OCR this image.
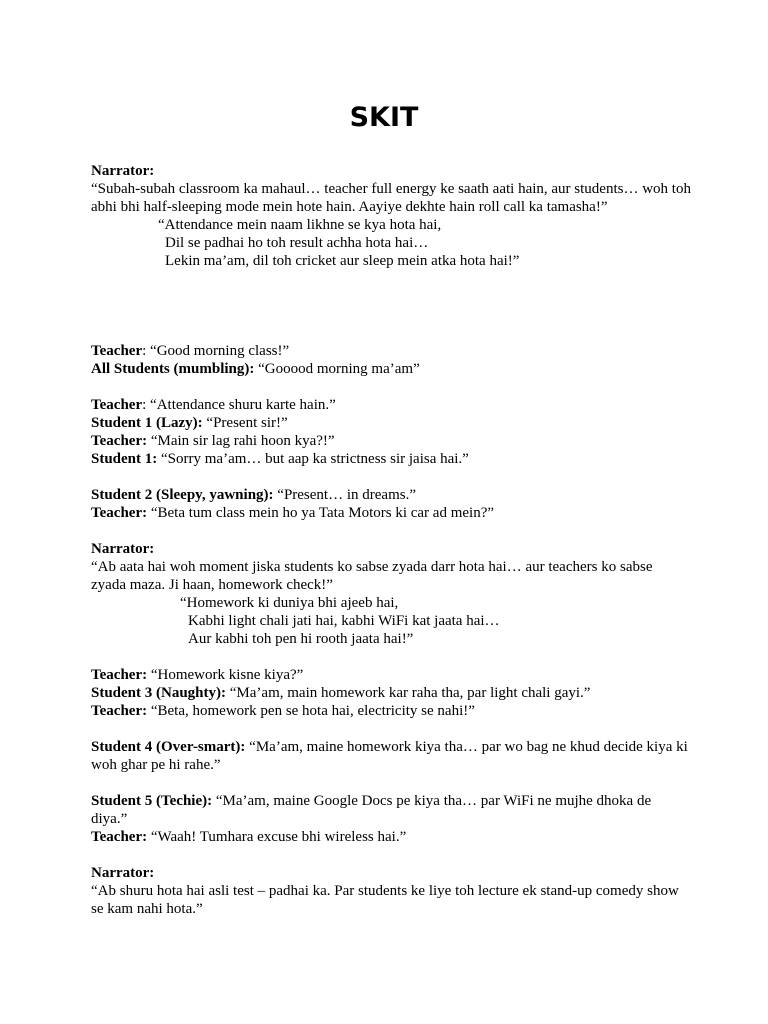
SKIT
Narrator:
“Subah-subah classroom ka mahaul… teacher full energy ke saath aati hain, aur students… woh toh abhi bhi half-sleeping mode mein hote hain. Aayiye dekhte hain roll call ka tamasha!”
“Attendance mein naam likhne se kya hota hai,
Dil se padhai ho toh result achha hota hai…
Lekin ma’am, dil toh cricket aur sleep mein atka hota hai!”
Teacher: “Good morning class!”
All Students (mumbling): “Gooood morning ma’am”
Teacher: “Attendance shuru karte hain.”
Student 1 (Lazy): “Present sir!”
Teacher: “Main sir lag rahi hoon kya?!”
Student 1: “Sorry ma’am… but aap ka strictness sir jaisa hai.”
Student 2 (Sleepy, yawning): “Present… in dreams.”
Teacher: “Beta tum class mein ho ya Tata Motors ki car ad mein?”
Narrator:
“Ab aata hai woh moment jiska students ko sabse zyada darr hota hai… aur teachers ko sabse zyada maza. Ji haan, homework check!”
“Homework ki duniya bhi ajeeb hai,
Kabhi light chali jati hai, kabhi WiFi kat jaata hai…
Aur kabhi toh pen hi rooth jaata hai!”
Teacher: “Homework kisne kiya?”
Student 3 (Naughty): “Ma’am, main homework kar raha tha, par light chali gayi.”
Teacher: “Beta, homework pen se hota hai, electricity se nahi!”
Student 4 (Over-smart): “Ma’am, maine homework kiya tha… par wo bag ne khud decide kiya ki woh ghar pe hi rahe.”
Student 5 (Techie): “Ma’am, maine Google Docs pe kiya tha… par WiFi ne mujhe dhoka de diya.”
Teacher: “Waah! Tumhara excuse bhi wireless hai.”
Narrator:
“Ab shuru hota hai asli test – padhai ka. Par students ke liye toh lecture ek stand-up comedy show se kam nahi hota.”
